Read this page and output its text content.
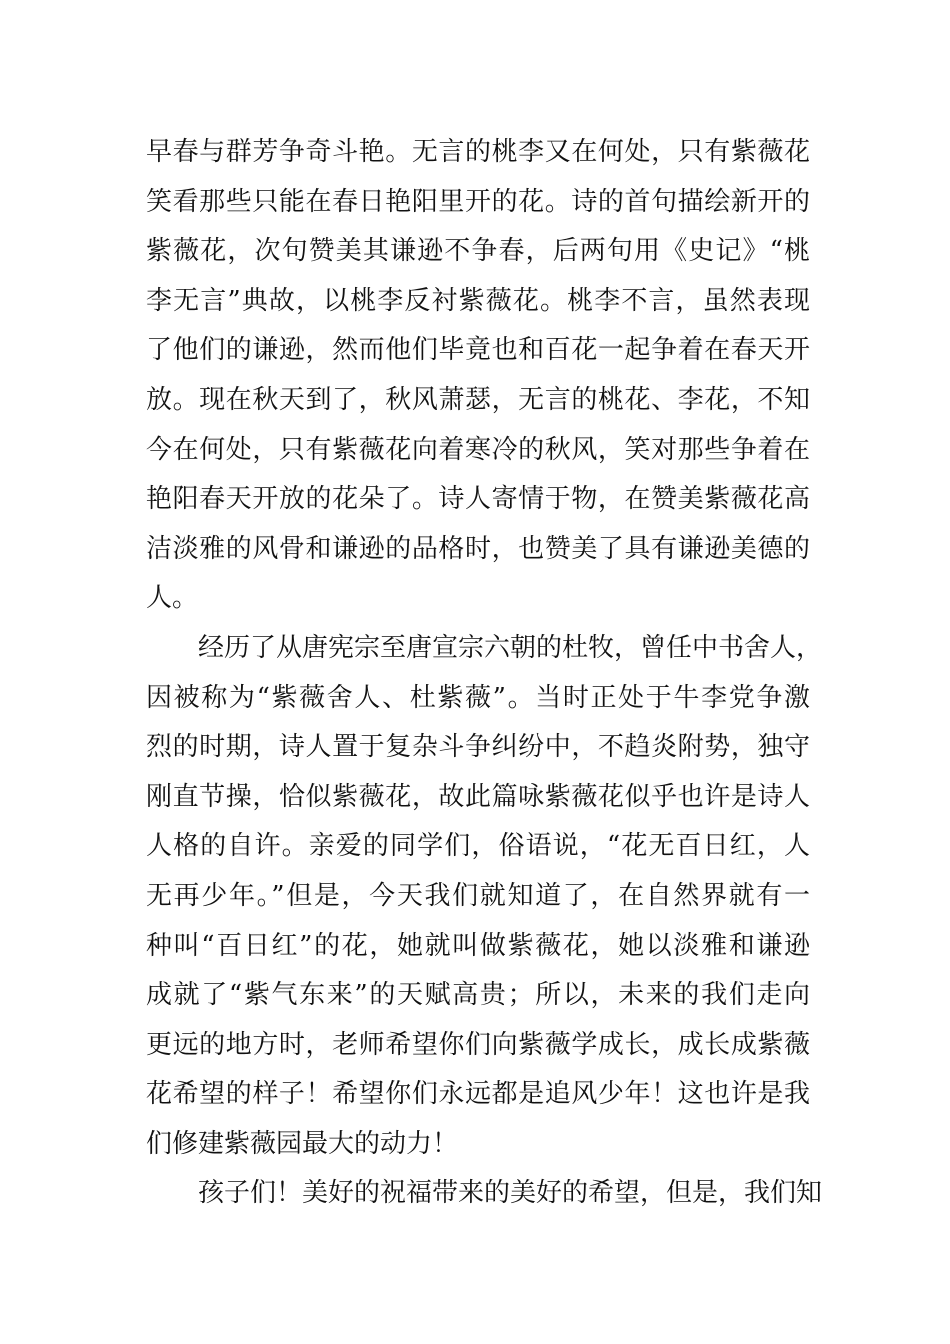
早春与群芳争奇斗艳。无言的桃李又在何处，只有紫薇花
笑看那些只能在春日艳阳里开的花。诗的首句描绘新开的
紫薇花，次句赞美其谦逊不争春，后两句用《史记》“桃
李无言”典故，以桃李反衬紫薇花。桃李不言，虽然表现
了他们的谦逊，然而他们毕竟也和百花一起争着在春天开
放。现在秋天到了，秋风萧瑟，无言的桃花、李花，不知
今在何处，只有紫薇花向着寒冷的秋风，笑对那些争着在
艳阳春天开放的花朵了。诗人寄情于物，在赞美紫薇花高
洁淡雅的风骨和谦逊的品格时，也赞美了具有谦逊美德的
人。
　　经历了从唐宪宗至唐宣宗六朝的杜牧，曾任中书舍人，
因被称为“紫薇舍人、杜紫薇”。当时正处于牛李党争激
烈的时期，诗人置于复杂斗争纠纷中，不趋炎附势，独守
刚直节操，恰似紫薇花，故此篇咏紫薇花似乎也许是诗人
人格的自许。亲爱的同学们，俗语说，“花无百日红，人
无再少年。”但是，今天我们就知道了，在自然界就有一
种叫“百日红”的花，她就叫做紫薇花，她以淡雅和谦逊
成就了“紫气东来”的天赋高贵；所以，未来的我们走向
更远的地方时，老师希望你们向紫薇学成长，成长成紫薇
花希望的样子！希望你们永远都是追风少年！这也许是我
们修建紫薇园最大的动力！
　　孩子们！美好的祝福带来的美好的希望，但是，我们知
